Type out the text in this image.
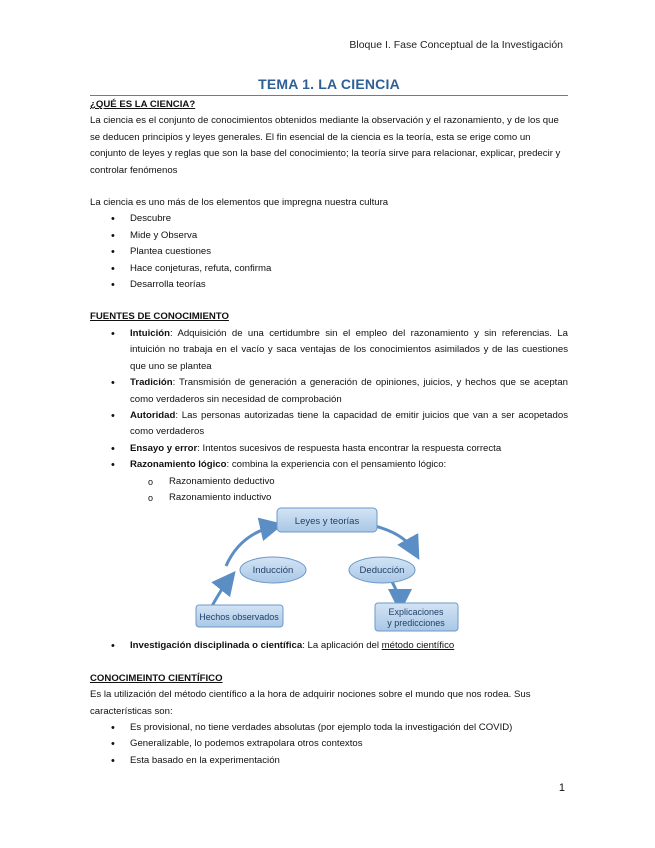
Bloque I. Fase Conceptual de la Investigación
TEMA 1. LA CIENCIA
¿QUÉ ES LA CIENCIA?

La ciencia es el conjunto de conocimientos obtenidos mediante la observación y el razonamiento, y de los que se deducen principios y leyes generales. El fin esencial de la ciencia es la teoría, esta se erige como un conjunto de leyes y reglas que son la base del conocimiento; la teoría sirve para relacionar, explicar, predecir y controlar fenómenos

La ciencia es uno más de los elementos que impregna nuestra cultura

• Descubre
• Mide y Observa
• Plantea cuestiones
• Hace conjeturas, refuta, confirma
• Desarrolla teorías
FUENTES DE CONOCIMIENTO
• Intuición: Adquisición de una certidumbre sin el empleo del razonamiento y sin referencias. La intuición no trabaja en el vacío y saca ventajas de los conocimientos asimilados y de las cuestiones que uno se plantea
• Tradición: Transmisión de generación a generación de opiniones, juicios, y hechos que se aceptan como verdaderos sin necesidad de comprobación
• Autoridad: Las personas autorizadas tiene la capacidad de emitir juicios que van a ser acopetados como verdaderos
• Ensayo y error: Intentos sucesivos de respuesta hasta encontrar la respuesta correcta
• Razonamiento lógico: combina la experiencia con el pensamiento lógico:
o Razonamiento deductivo
o Razonamiento inductivo
Leyes y teorías
Inducción	Deducción
Hechos observados	Explicaciones
y predicciones
• Investigación disciplinada o científica: La aplicación del método científico
CONOCIMEINTO CIENTÍFICO

Es la utilización del método científico a la hora de adquirir nociones sobre el mundo que nos rodea. Sus características son:

• Es provisional, no tiene verdades absolutas (por ejemplo toda la investigación del COVID)
• Generalizable, lo podemos extrapolara otros contextos
• Esta basado en la experimentación
1
